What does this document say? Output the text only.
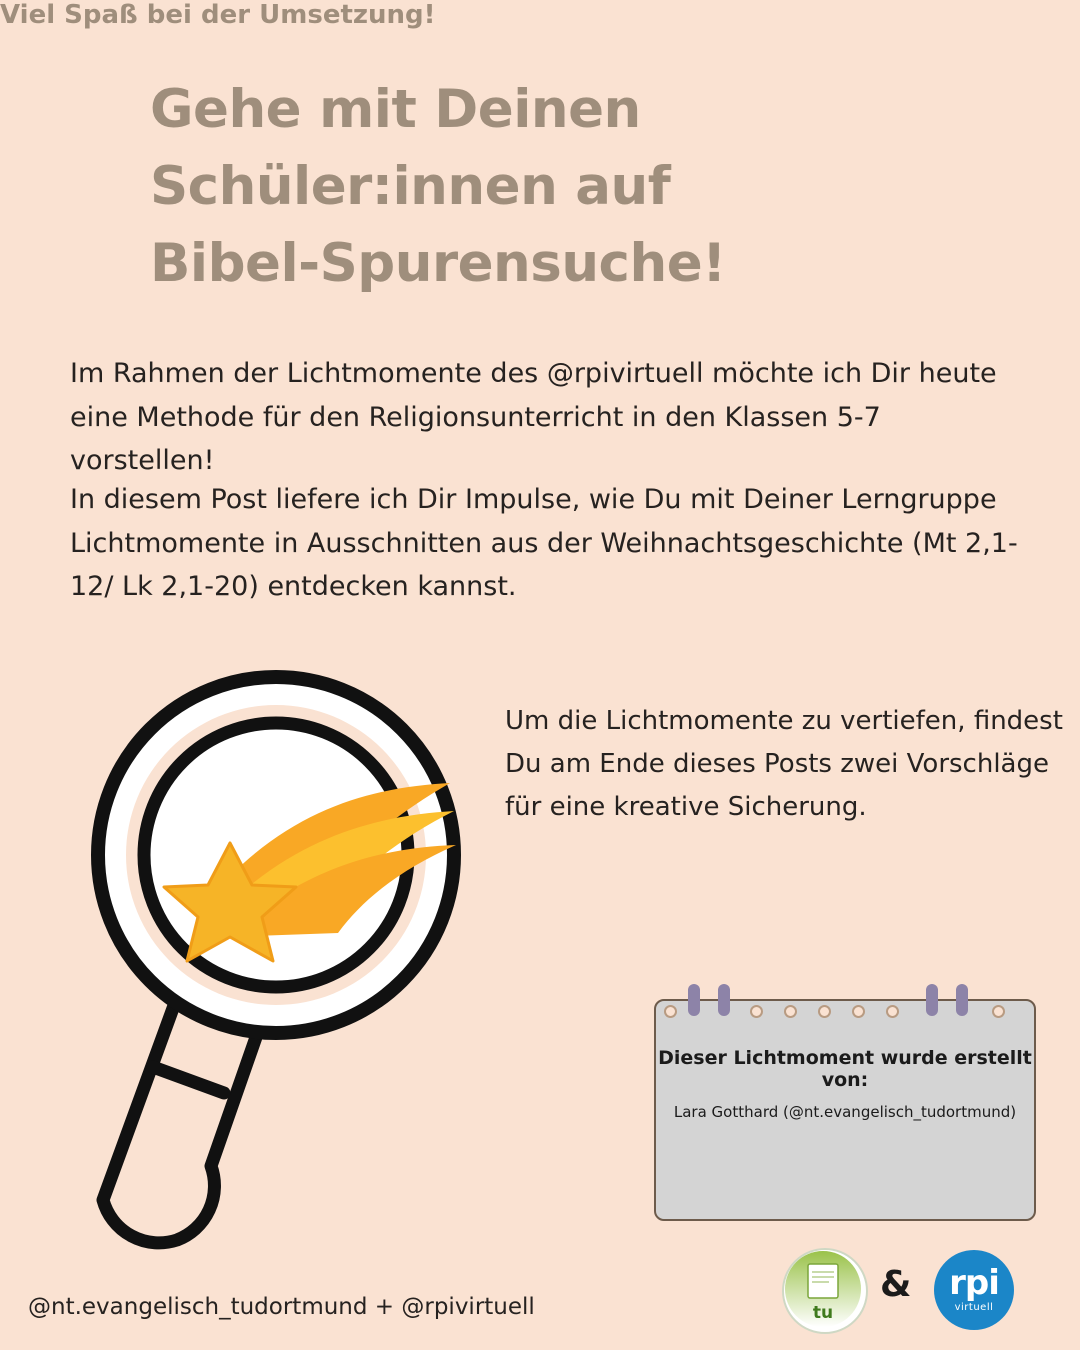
Gehe mit Deinen Schüler:innen auf
Bibel-Spurensuche!
Im Rahmen der Lichtmomente des @rpivirtuell möchte ich Dir heute eine Methode für den Religionsunterricht in den Klassen 5-7 vorstellen!
In diesem Post liefere ich Dir Impulse, wie Du mit Deiner Lerngruppe Lichtmomente in Ausschnitten aus der Weihnachtsgeschichte (Mt 2,1-12/ Lk 2,1-20) entdecken kannst.
Um die Lichtmomente zu vertiefen, findest Du am Ende dieses Posts zwei Vorschläge für eine kreative Sicherung.
Viel Spaß bei der Umsetzung!
Dieser Lichtmoment wurde erstellt von:
Lara Gotthard (@nt.evangelisch_tudortmund)
@nt.evangelisch_tudortmund + @rpivirtuell	tu
&	rpi
virtuell
